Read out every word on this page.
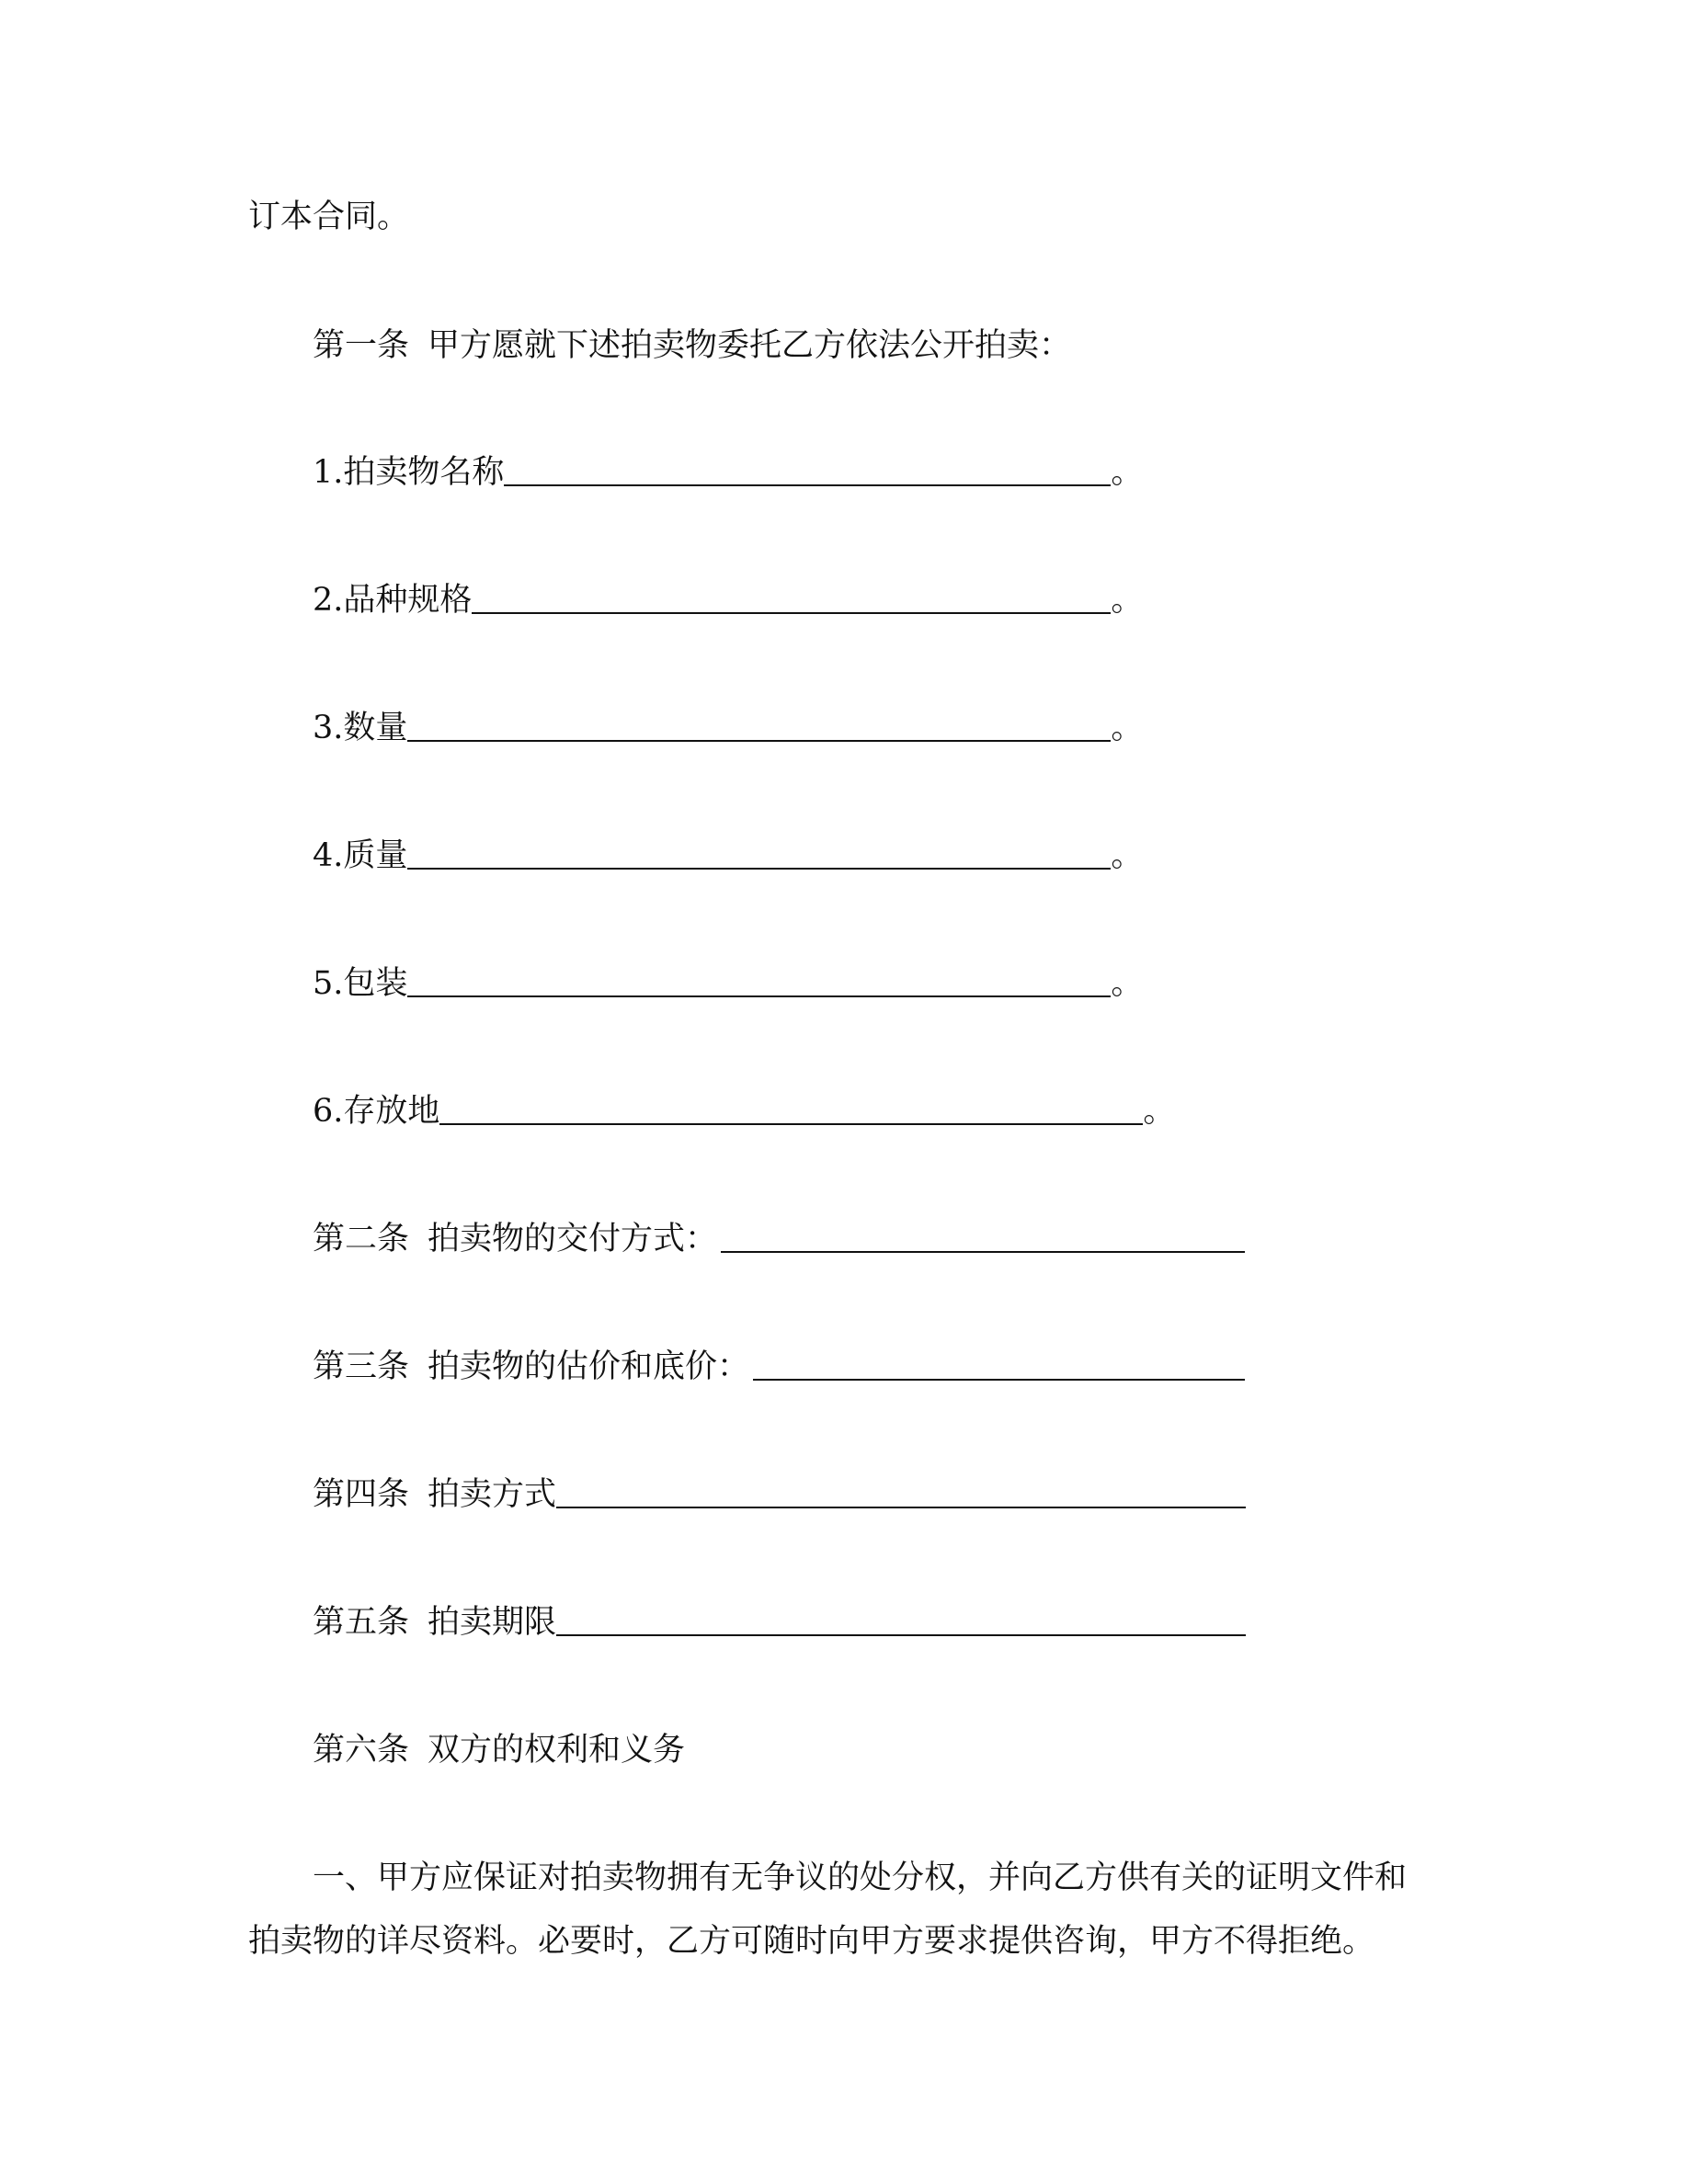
订本合同。
第一条 甲方愿就下述拍卖物委托乙方依法公开拍卖：
1.拍卖物名称	。
2.品种规格	。
3.数量	。
4.质量	。
5.包装	。
6.存放地	。
第二条 拍卖物的交付方式：
第三条 拍卖物的估价和底价：
第四条 拍卖方式
第五条 拍卖期限
第六条 双方的权利和义务
一、甲方应保证对拍卖物拥有无争议的处分权，并向乙方供有关的证明文件和
拍卖物的详尽资料。必要时，乙方可随时向甲方要求提供咨询，甲方不得拒绝。
